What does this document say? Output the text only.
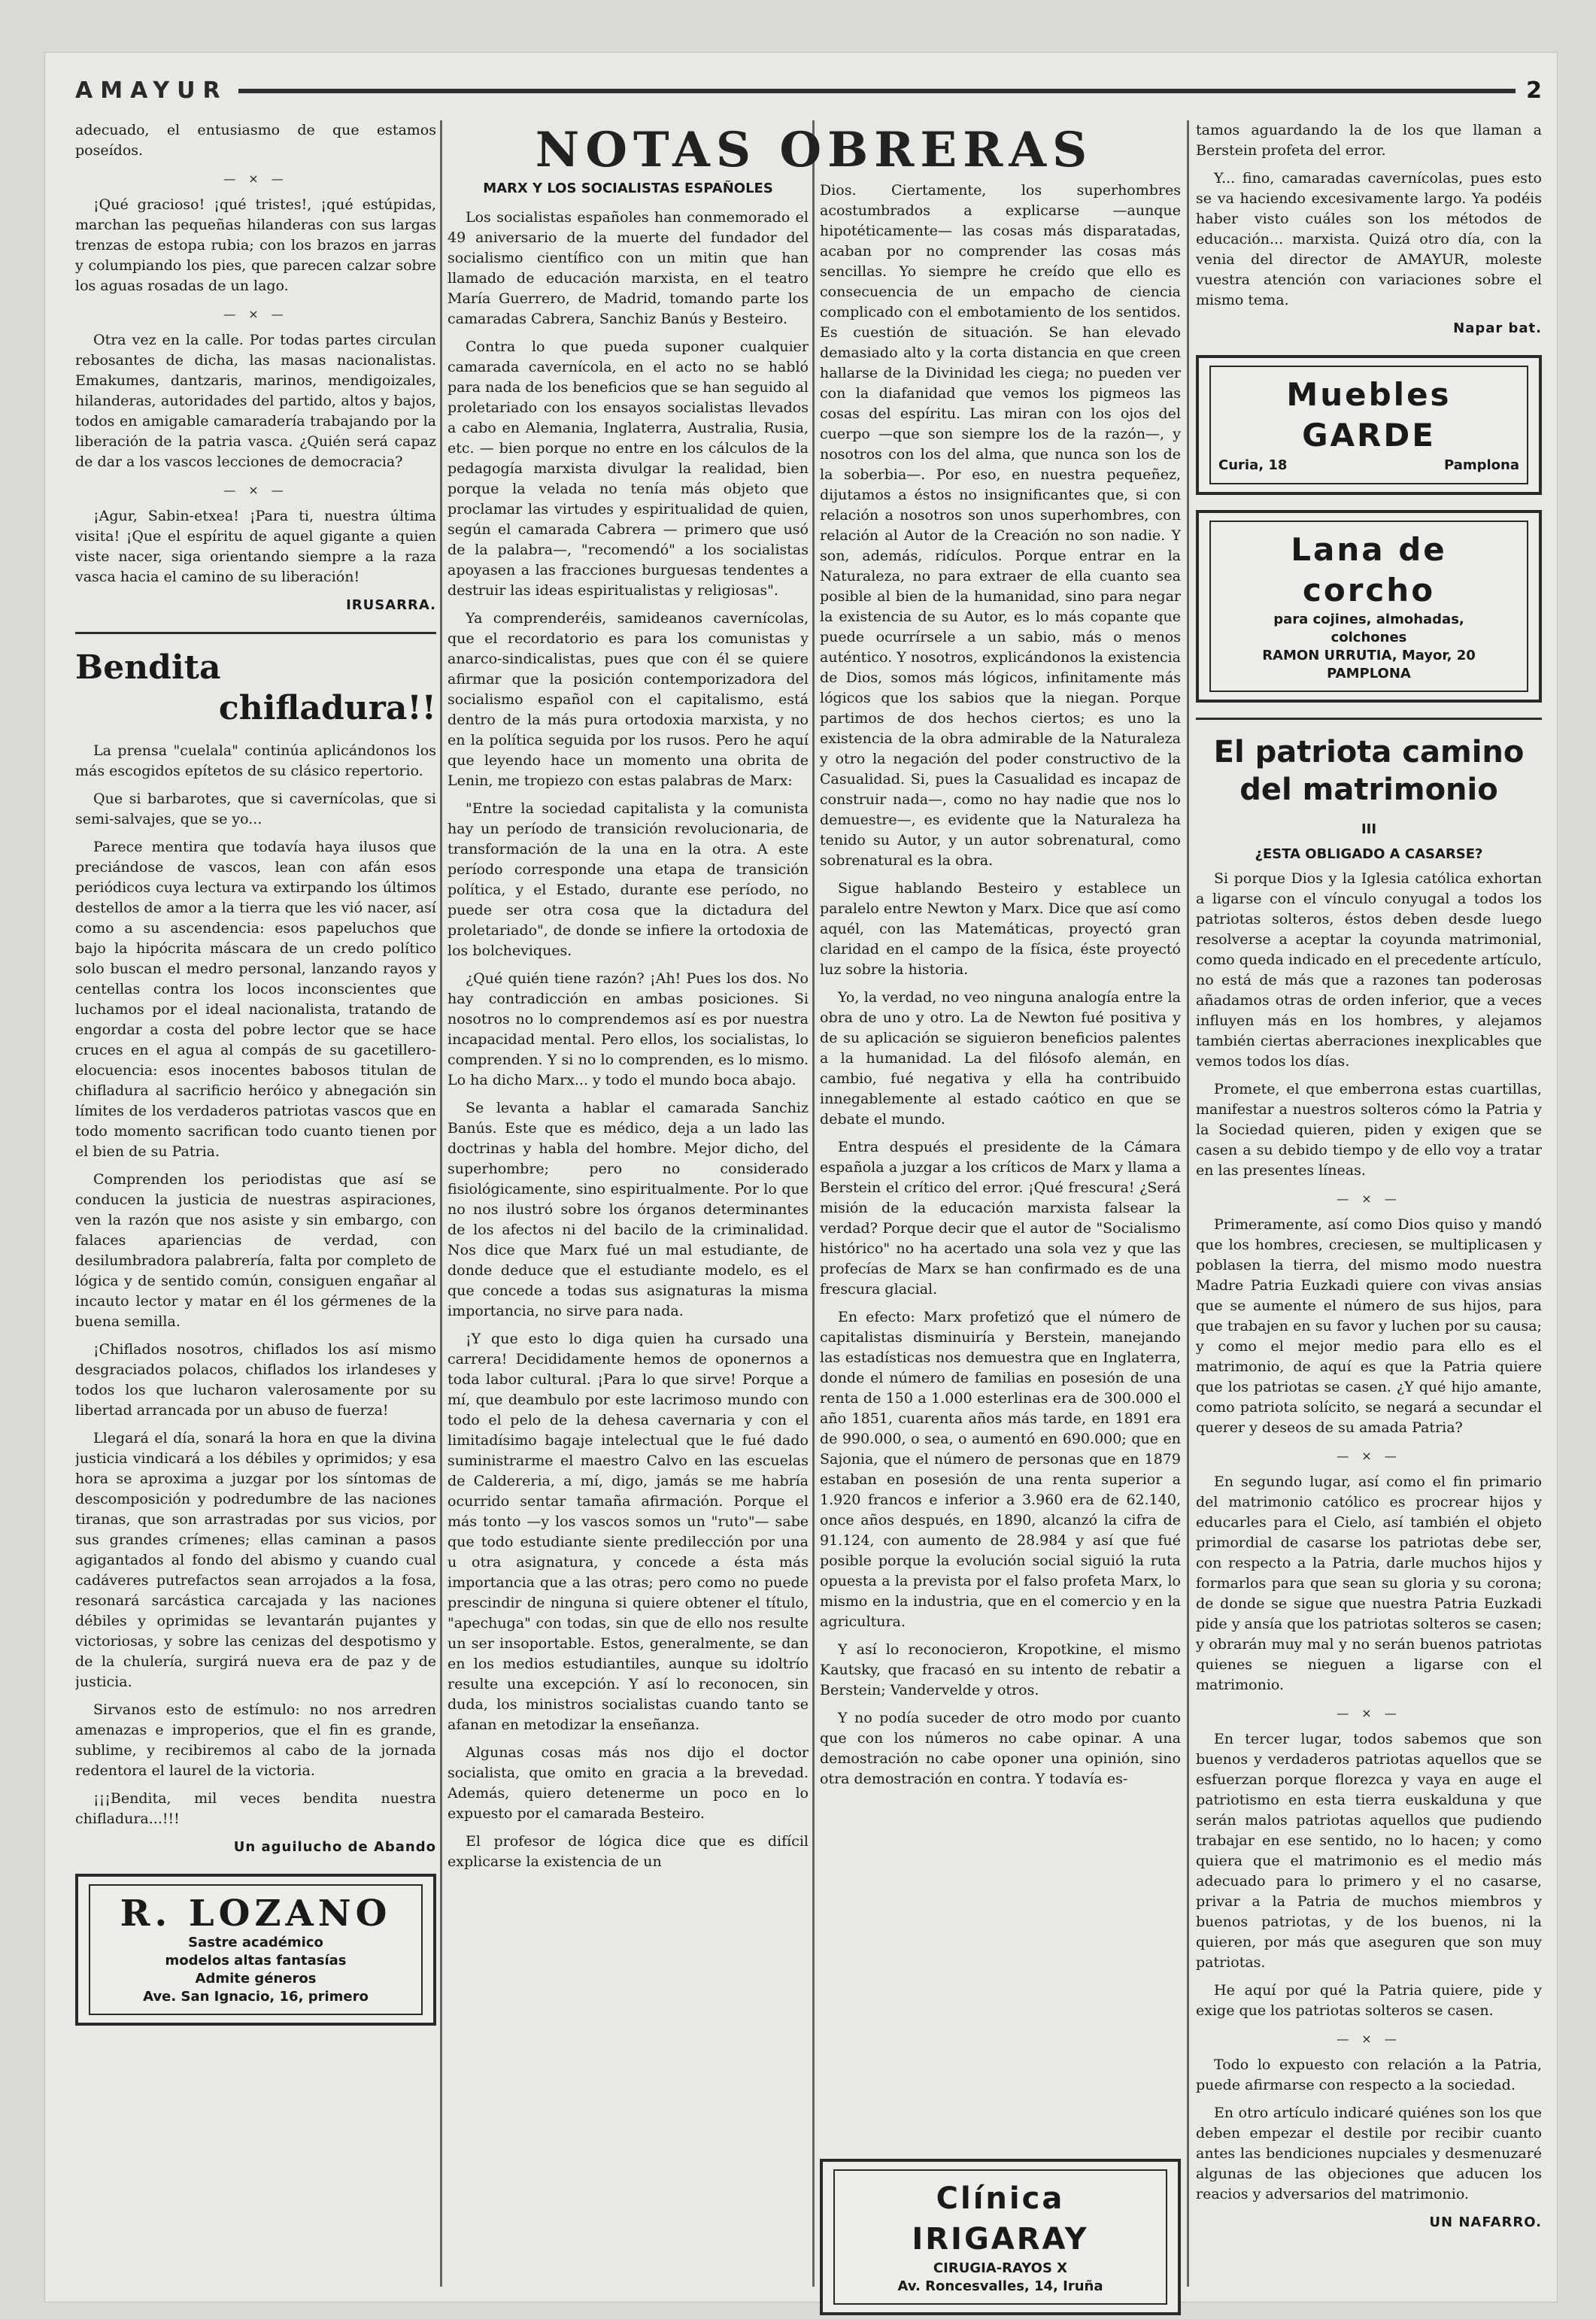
AMAYUR	2

adecuado, el entusiasmo de que estamos poseídos.

— × —

¡Qué gracioso! ¡qué tristes!, ¡qué estúpidas, marchan las pequeñas hilanderas con sus largas trenzas de estopa rubia; con los brazos en jarras y columpiando los pies, que parecen calzar sobre los aguas rosadas de un lago.

— × —

Otra vez en la calle. Por todas partes circulan rebosantes de dicha, las masas nacionalistas. Emakumes, dantzaris, marinos, mendigoizales, hilanderas, autoridades del partido, altos y bajos, todos en amigable camaradería trabajando por la liberación de la patria vasca. ¿Quién será capaz de dar a los vascos lecciones de democracia?

— × —

¡Agur, Sabin-etxea! ¡Para ti, nuestra última visita! ¡Que el espíritu de aquel gigante a quien viste nacer, siga orientando siempre a la raza vasca hacia el camino de su liberación!

IRUSARRA.

Bendita
chifladura!!

La prensa "cuelala" continúa aplicándonos los más escogidos epítetos de su clásico repertorio.

Que si barbarotes, que si cavernícolas, que si semi-salvajes, que se yo...

Parece mentira que todavía haya ilusos que preciándose de vascos, lean con afán esos periódicos cuya lectura va extirpando los últimos destellos de amor a la tierra que les vió nacer, así como a su ascendencia: esos papeluchos que bajo la hipócrita máscara de un credo político solo buscan el medro personal, lanzando rayos y centellas contra los locos inconscientes que luchamos por el ideal nacionalista, tratando de engordar a costa del pobre lector que se hace cruces en el agua al compás de su gacetillero-elocuencia: esos inocentes babosos titulan de chifladura al sacrificio heróico y abnegación sin límites de los verdaderos patriotas vascos que en todo momento sacrifican todo cuanto tienen por el bien de su Patria.

Comprenden los periodistas que así se conducen la justicia de nuestras aspiraciones, ven la razón que nos asiste y sin embargo, con falaces apariencias de verdad, con desilumbradora palabrería, falta por completo de lógica y de sentido común, consiguen engañar al incauto lector y matar en él los gérmenes de la buena semilla.

¡Chiflados nosotros, chiflados los así mismo desgraciados polacos, chiflados los irlandeses y todos los que lucharon valerosamente por su libertad arrancada por un abuso de fuerza!

Llegará el día, sonará la hora en que la divina justicia vindicará a los débiles y oprimidos; y esa hora se aproxima a juzgar por los síntomas de descomposición y podredumbre de las naciones tiranas, que son arrastradas por sus vicios, por sus grandes crímenes; ellas caminan a pasos agigantados al fondo del abismo y cuando cual cadáveres putrefactos sean arrojados a la fosa, resonará sarcástica carcajada y las naciones débiles y oprimidas se levantarán pujantes y victoriosas, y sobre las cenizas del despotismo y de la chulería, surgirá nueva era de paz y de justicia.

Sirvanos esto de estímulo: no nos arredren amenazas e improperios, que el fin es grande, sublime, y recibiremos al cabo de la jornada redentora el laurel de la victoria.

¡¡¡Bendita, mil veces bendita nuestra chifladura...!!!

Un aguilucho de Abando

R. LOZANO
Sastre académico
modelos altas fantasías
Admite géneros
Ave. San Ignacio, 16, primero
NOTAS OBRERAS

MARX Y LOS SOCIALISTAS ESPAÑOLES

Los socialistas españoles han conmemorado el 49 aniversario de la muerte del fundador del socialismo científico con un mitin que han llamado de educación marxista, en el teatro María Guerrero, de Madrid, tomando parte los camaradas Cabrera, Sanchiz Banús y Besteiro.

Contra lo que pueda suponer cualquier camarada cavernícola, en el acto no se habló para nada de los beneficios que se han seguido al proletariado con los ensayos socialistas llevados a cabo en Alemania, Inglaterra, Australia, Rusia, etc. — bien porque no entre en los cálculos de la pedagogía marxista divulgar la realidad, bien porque la velada no tenía más objeto que proclamar las virtudes y espiritualidad de quien, según el camarada Cabrera — primero que usó de la palabra—, "recomendó" a los socialistas apoyasen a las fracciones burguesas tendentes a destruir las ideas espiritualistas y religiosas".

Ya comprenderéis, samideanos cavernícolas, que el recordatorio es para los comunistas y anarco-sindicalistas, pues que con él se quiere afirmar que la posición contemporizadora del socialismo español con el capitalismo, está dentro de la más pura ortodoxia marxista, y no en la política seguida por los rusos. Pero he aquí que leyendo hace un momento una obrita de Lenin, me tropiezo con estas palabras de Marx:

"Entre la sociedad capitalista y la comunista hay un período de transición revolucionaria, de transformación de la una en la otra. A este período corresponde una etapa de transición política, y el Estado, durante ese período, no puede ser otra cosa que la dictadura del proletariado", de donde se infiere la ortodoxia de los bolcheviques.

¿Qué quién tiene razón? ¡Ah! Pues los dos. No hay contradicción en ambas posiciones. Si nosotros no lo comprendemos así es por nuestra incapacidad mental. Pero ellos, los socialistas, lo comprenden. Y si no lo comprenden, es lo mismo. Lo ha dicho Marx... y todo el mundo boca abajo.

Se levanta a hablar el camarada Sanchiz Banús. Este que es médico, deja a un lado las doctrinas y habla del hombre. Mejor dicho, del superhombre; pero no considerado fisiológicamente, sino espiritualmente. Por lo que no nos ilustró sobre los órganos determinantes de los afectos ni del bacilo de la criminalidad. Nos dice que Marx fué un mal estudiante, de donde deduce que el estudiante modelo, es el que concede a todas sus asignaturas la misma importancia, no sirve para nada.

¡Y que esto lo diga quien ha cursado una carrera! Decididamente hemos de oponernos a toda labor cultural. ¡Para lo que sirve! Porque a mí, que deambulo por este lacrimoso mundo con todo el pelo de la dehesa cavernaria y con el limitadísimo bagaje intelectual que le fué dado suministrarme el maestro Calvo en las escuelas de Caldereria, a mí, digo, jamás se me habría ocurrido sentar tamaña afirmación. Porque el más tonto —y los vascos somos un "ruto"— sabe que todo estudiante siente predilección por una u otra asignatura, y concede a ésta más importancia que a las otras; pero como no puede prescindir de ninguna si quiere obtener el título, "apechuga" con todas, sin que de ello nos resulte un ser insoportable. Estos, generalmente, se dan en los medios estudiantiles, aunque su idoltrío resulte una excepción. Y así lo reconocen, sin duda, los ministros socialistas cuando tanto se afanan en metodizar la enseñanza.

Algunas cosas más nos dijo el doctor socialista, que omito en gracia a la brevedad. Además, quiero detenerme un poco en lo expuesto por el camarada Besteiro.

El profesor de lógica dice que es difícil explicarse la existencia de un

Dios. Ciertamente, los superhombres acostumbrados a explicarse —aunque hipotéticamente— las cosas más disparatadas, acaban por no comprender las cosas más sencillas. Yo siempre he creído que ello es consecuencia de un empacho de ciencia complicado con el embotamiento de los sentidos. Es cuestión de situación. Se han elevado demasiado alto y la corta distancia en que creen hallarse de la Divinidad les ciega; no pueden ver con la diafanidad que vemos los pigmeos las cosas del espíritu. Las miran con los ojos del cuerpo —que son siempre los de la razón—, y nosotros con los del alma, que nunca son los de la soberbia—. Por eso, en nuestra pequeñez, dijutamos a éstos no insignificantes que, si con relación a nosotros son unos superhombres, con relación al Autor de la Creación no son nadie. Y son, además, ridículos. Porque entrar en la Naturaleza, no para extraer de ella cuanto sea posible al bien de la humanidad, sino para negar la existencia de su Autor, es lo más copante que puede ocurrírsele a un sabio, más o menos auténtico. Y nosotros, explicándonos la existencia de Dios, somos más lógicos, infinitamente más lógicos que los sabios que la niegan. Porque partimos de dos hechos ciertos; es uno la existencia de la obra admirable de la Naturaleza y otro la negación del poder constructivo de la Casualidad. Si, pues la Casualidad es incapaz de construir nada—, como no hay nadie que nos lo demuestre—, es evidente que la Naturaleza ha tenido su Autor, y un autor sobrenatural, como sobrenatural es la obra.

Sigue hablando Besteiro y establece un paralelo entre Newton y Marx. Dice que así como aquél, con las Matemáticas, proyectó gran claridad en el campo de la física, éste proyectó luz sobre la historia.

Yo, la verdad, no veo ninguna analogía entre la obra de uno y otro. La de Newton fué positiva y de su aplicación se siguieron beneficios palentes a la humanidad. La del filósofo alemán, en cambio, fué negativa y ella ha contribuido innegablemente al estado caótico en que se debate el mundo.

Entra después el presidente de la Cámara española a juzgar a los críticos de Marx y llama a Berstein el crítico del error. ¡Qué frescura! ¿Será misión de la educación marxista falsear la verdad? Porque decir que el autor de "Socialismo histórico" no ha acertado una sola vez y que las profecías de Marx se han confirmado es de una frescura glacial.

En efecto: Marx profetizó que el número de capitalistas disminuiría y Berstein, manejando las estadísticas nos demuestra que en Inglaterra, donde el número de familias en posesión de una renta de 150 a 1.000 esterlinas era de 300.000 el año 1851, cuarenta años más tarde, en 1891 era de 990.000, o sea, o aumentó en 690.000; que en Sajonia, que el número de personas que en 1879 estaban en posesión de una renta superior a 1.920 francos e inferior a 3.960 era de 62.140, once años después, en 1890, alcanzó la cifra de 91.124, con aumento de 28.984 y así que fué posible porque la evolución social siguió la ruta opuesta a la prevista por el falso profeta Marx, lo mismo en la industria, que en el comercio y en la agricultura.

Y así lo reconocieron, Kropotkine, el mismo Kautsky, que fracasó en su intento de rebatir a Berstein; Vandervelde y otros.

Y no podía suceder de otro modo por cuanto que con los números no cabe opinar. A una demostración no cabe oponer una opinión, sino otra demostración en contra. Y todavía es-

Clínica IRIGARAY
CIRUGIA-RAYOS X
Av. Roncesvalles, 14, Iruña

tamos aguardando la de los que llaman a Berstein profeta del error.

Y... fino, camaradas cavernícolas, pues esto se va haciendo excesivamente largo. Ya podéis haber visto cuáles son los métodos de educación... marxista. Quizá otro día, con la venia del director de AMAYUR, moleste vuestra atención con variaciones sobre el mismo tema.

Napar bat.

Muebles GARDE
Curia, 18	Pamplona
Lana de corcho
para cojines, almohadas,
colchones
RAMON URRUTIA, Mayor, 20
PAMPLONA
El patriota camino del matrimonio

III

¿ESTA OBLIGADO A CASARSE?

Si porque Dios y la Iglesia católica exhortan a ligarse con el vínculo conyugal a todos los patriotas solteros, éstos deben desde luego resolverse a aceptar la coyunda matrimonial, como queda indicado en el precedente artículo, no está de más que a razones tan poderosas añadamos otras de orden inferior, que a veces influyen más en los hombres, y alejamos también ciertas aberraciones inexplicables que vemos todos los días.

Promete, el que emberrona estas cuartillas, manifestar a nuestros solteros cómo la Patria y la Sociedad quieren, piden y exigen que se casen a su debido tiempo y de ello voy a tratar en las presentes líneas.

— × —

Primeramente, así como Dios quiso y mandó que los hombres, creciesen, se multiplicasen y poblasen la tierra, del mismo modo nuestra Madre Patria Euzkadi quiere con vivas ansias que se aumente el número de sus hijos, para que trabajen en su favor y luchen por su causa; y como el mejor medio para ello es el matrimonio, de aquí es que la Patria quiere que los patriotas se casen. ¿Y qué hijo amante, como patriota solícito, se negará a secundar el querer y deseos de su amada Patria?

— × —

En segundo lugar, así como el fin primario del matrimonio católico es procrear hijos y educarles para el Cielo, así también el objeto primordial de casarse los patriotas debe ser, con respecto a la Patria, darle muchos hijos y formarlos para que sean su gloria y su corona; de donde se sigue que nuestra Patria Euzkadi pide y ansía que los patriotas solteros se casen; y obrarán muy mal y no serán buenos patriotas quienes se nieguen a ligarse con el matrimonio.

— × —

En tercer lugar, todos sabemos que son buenos y verdaderos patriotas aquellos que se esfuerzan porque florezca y vaya en auge el patriotismo en esta tierra euskalduna y que serán malos patriotas aquellos que pudiendo trabajar en ese sentido, no lo hacen; y como quiera que el matrimonio es el medio más adecuado para lo primero y el no casarse, privar a la Patria de muchos miembros y buenos patriotas, y de los buenos, ni la quieren, por más que aseguren que son muy patriotas.

He aquí por qué la Patria quiere, pide y exige que los patriotas solteros se casen.

— × —

Todo lo expuesto con relación a la Patria, puede afirmarse con respecto a la sociedad.

En otro artículo indicaré quiénes son los que deben empezar el destile por recibir cuanto antes las bendiciones nupciales y desmenuzaré algunas de las objeciones que aducen los reacios y adversarios del matrimonio.

UN NAFARRO.
